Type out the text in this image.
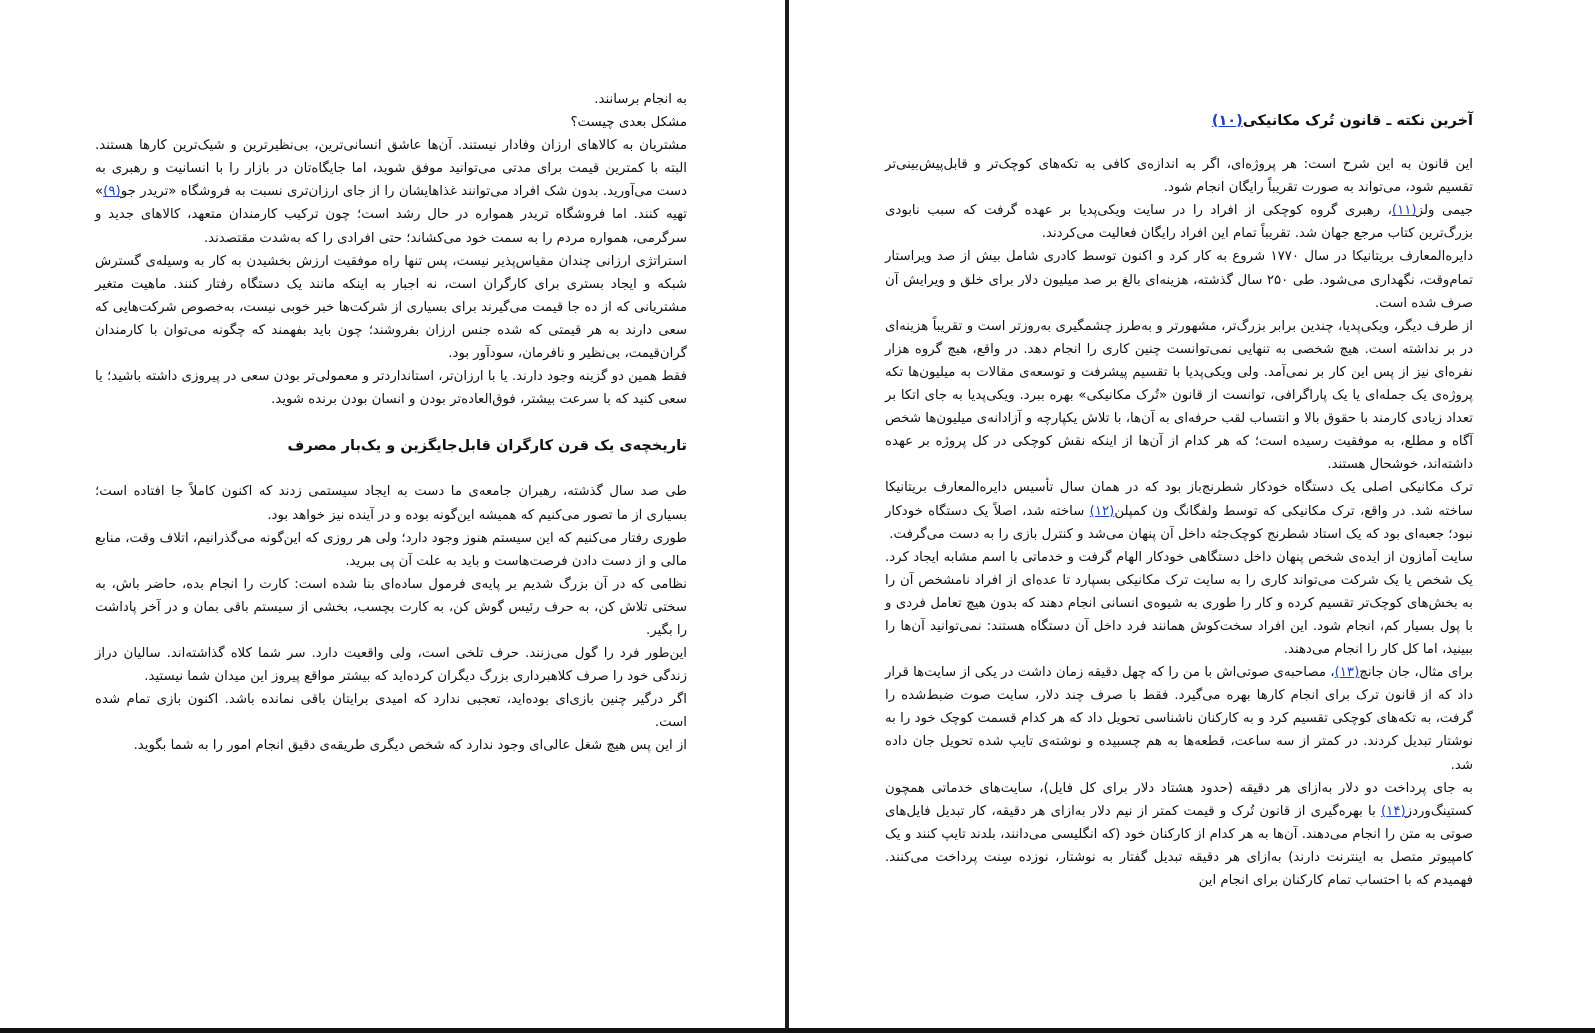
به انجام برسانند.

مشکل بعدی چیست؟

مشتریان به کالاهای ارزان وفادار نیستند. آن‌ها عاشق انسانی‌ترین، بی‌نظیرترین و شیک‌ترین کارها هستند. البته با کمترین قیمت برای مدتی می‌توانید موفق شوید، اما جایگاه‌تان در بازار را با انسانیت و رهبری به دست می‌آورید. بدون شک افراد می‌توانند غذاهایشان را از جای ارزان‌تری نسبت به فروشگاه «تریدر جو(۹)» تهیه کنند. اما فروشگاه تریدر همواره در حال رشد است؛ چون ترکیب کارمندان متعهد، کالاهای جدید و سرگرمی، همواره مردم را به سمت خود می‌کشاند؛ حتی افرادی را که به‌شدت مقتصدند.

استراتژی ارزانی چندان مقیاس‌پذیر نیست، پس تنها راه موفقیت ارزش بخشیدن به کار به وسیله‌ی گسترش شبکه و ایجاد بستری برای کارگران است، نه اجبار به اینکه مانند یک دستگاه رفتار کنند. ماهیت متغیر مشتریانی که از ده جا قیمت می‌گیرند برای بسیاری از شرکت‌ها خبر خوبی نیست، به‌خصوص شرکت‌هایی که سعی دارند به هر قیمتی که شده جنس ارزان بفروشند؛ چون باید بفهمند که چگونه می‌توان با کارمندان گران‌قیمت، بی‌نظیر و نافرمان، سودآور بود.

فقط همین دو گزینه وجود دارند. یا با ارزان‌تر، استانداردتر و معمولی‌تر بودن سعی در پیروزی داشته باشید؛ یا سعی کنید که با سرعت بیشتر، فوق‌العاده‌تر بودن و انسان بودن برنده شوید.

تاریخچه‌ی یک قرن کارگران قابل‌جایگزین و یک‌بار مصرف

طی صد سال گذشته، رهبران جامعه‌ی ما دست به ایجاد سیستمی زدند که اکنون کاملاً جا افتاده است؛ بسیاری از ما تصور می‌کنیم که همیشه این‌گونه بوده و در آینده نیز خواهد بود.

طوری رفتار می‌کنیم که این سیستم هنوز وجود دارد؛ ولی هر روزی که این‌گونه می‌گذرانیم، اتلاف وقت، منابع مالی و از دست دادن فرصت‌هاست و باید به علت آن پی ببرید.

نظامی که در آن بزرگ شدیم بر پایه‌ی فرمول ساده‌ای بنا شده است: کارت را انجام بده، حاضر باش، به سختی تلاش کن، به حرف رئیس گوش کن، به کارت بچسب، بخشی از سیستم باقی بمان و در آخر پاداشت را بگیر.

این‌طور فرد را گول می‌زنند. حرف تلخی است، ولی واقعیت دارد. سر شما کلاه گذاشته‌اند. سالیان دراز زندگی خود را صرف کلاهبرداری بزرگ دیگران کرده‌اید که بیشتر مواقع پیروز این میدان شما نیستید.

اگر درگیر چنین بازی‌ای بوده‌اید، تعجبی ندارد که امیدی برایتان باقی نمانده باشد. اکنون بازی تمام شده است.

از این پس هیچ شغل عالی‌ای وجود ندارد که شخص دیگری طریقه‌ی دقیق انجام امور را به شما بگوید.

آخرین نکته ـ قانون تُرک مکانیکی(۱۰)

این قانون به این شرح است: هر پروژه‌ای، اگر به اندازه‌ی کافی به تکه‌های کوچک‌تر و قابل‌پیش‌بینی‌تر تقسیم شود، می‌تواند به صورت تقریباً رایگان انجام شود.

جیمی ولز(۱۱)، رهبری گروه کوچکی از افراد را در سایت ویکی‌پدیا بر عهده گرفت که سبب نابودی بزرگ‌ترین کتاب مرجع جهان شد. تقریباً تمام این افراد رایگان فعالیت می‌کردند.

دایره‌المعارف بریتانیکا در سال ۱۷۷۰ شروع به کار کرد و اکنون توسط کادری شامل بیش از صد ویراستار تمام‌وقت، نگهداری می‌شود. طی ۲۵۰ سال گذشته، هزینه‌ای بالغ بر صد میلیون دلار برای خلق و ویرایش آن صرف شده است.

از طرف دیگر، ویکی‌پدیا، چندین برابر بزرگ‌تر، مشهورتر و به‌طرز چشمگیری به‌روزتر است و تقریباً هزینه‌ای در بر نداشته است. هیچ شخصی به تنهایی نمی‌توانست چنین کاری را انجام دهد. در واقع، هیچ گروه هزار نفره‌ای نیز از پس این کار بر نمی‌آمد. ولی ویکی‌پدیا با تقسیم پیشرفت و توسعه‌ی مقالات به میلیون‌ها تکه پروژه‌ی یک جمله‌ای یا یک پاراگرافی، توانست از قانون «تُرک مکانیکی» بهره ببرد. ویکی‌پدیا به جای اتکا بر تعداد زیادی کارمند با حقوق بالا و انتساب لقب حرفه‌ای به آن‌ها، با تلاش یکپارچه و آزادانه‌ی میلیون‌ها شخص آگاه و مطلع، به موفقیت رسیده است؛ که هر کدام از آن‌ها از اینکه نقش کوچکی در کل پروژه بر عهده داشته‌اند، خوشحال هستند.

ترک مکانیکی اصلی یک دستگاه خودکار شطرنج‌باز بود که در همان سال تأسیس دایره‌المعارف بریتانیکا ساخته شد. در واقع، ترک مکانیکی که توسط ولفگانگ ون کمپلن(۱۲) ساخته شد، اصلاً یک دستگاه خودکار نبود؛ جعبه‌ای بود که یک استاد شطرنج کوچک‌جثه داخل آن پنهان می‌شد و کنترل بازی را به دست می‌گرفت.

سایت آمازون از ایده‌ی شخص پنهان داخل دستگاهی خودکار الهام گرفت و خدماتی با اسم مشابه ایجاد کرد. یک شخص یا یک شرکت می‌تواند کاری را به سایت ترک مکانیکی بسپارد تا عده‌ای از افراد نامشخص آن را به بخش‌های کوچک‌تر تقسیم کرده و کار را طوری به شیوه‌ی انسانی انجام دهند که بدون هیچ تعامل فردی و با پول بسیار کم، انجام شود. این افراد سخت‌کوش همانند فرد داخل آن دستگاه هستند: نمی‌توانید آن‌ها را ببینید، اما کل کار را انجام می‌دهند.

برای مثال، جان جانچ(۱۳)، مصاحبه‌ی صوتی‌اش با من را که چهل دقیقه زمان داشت در یکی از سایت‌ها قرار داد که از قانون ترک برای انجام کارها بهره می‌گیرد. فقط با صرف چند دلار، سایت صوت ضبط‌شده را گرفت، به تکه‌های کوچکی تقسیم کرد و به کارکنان ناشناسی تحویل داد که هر کدام قسمت کوچک خود را به نوشتار تبدیل کردند. در کمتر از سه ساعت، قطعه‌ها به هم چسبیده و نوشته‌ی تایپ شده تحویل جان داده شد.

به جای پرداخت دو دلار به‌ازای هر دقیقه (حدود هشتاد دلار برای کل فایل)، سایت‌های خدماتی همچون کستینگ‌وردز(۱۴) با بهره‌گیری از قانون تُرک و قیمت کمتر از نیم دلار به‌ازای هر دقیقه، کار تبدیل فایل‌های صوتی به متن را انجام می‌دهند. آن‌ها به هر کدام از کارکنان خود (که انگلیسی می‌دانند، بلدند تایپ کنند و یک کامپیوتر متصل به اینترنت دارند) به‌ازای هر دقیقه تبدیل گفتار به نوشتار، نوزده سِنت پرداخت می‌کنند. فهمیدم که با احتساب تمام کارکنان برای انجام این
